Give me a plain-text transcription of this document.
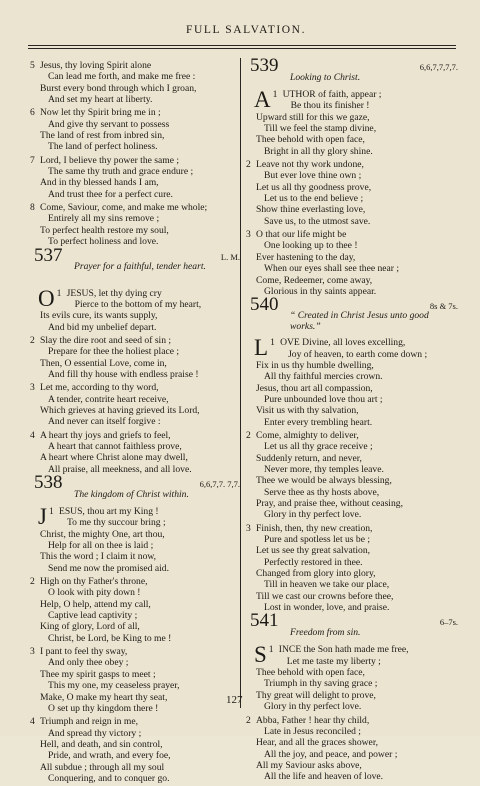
FULL SALVATION.
5 Jesus, thy loving Spirit alone
Can lead me forth, and make me free :
Burst every bond through which I groan,
And set my heart at liberty.
6 Now let thy Spirit bring me in ;
And give thy servant to possess
The land of rest from inbred sin,
The land of perfect holiness.
7 Lord, I believe thy power the same ;
The same thy truth and grace endure ;
And in thy blessed hands I am,
And trust thee for a perfect cure.
8 Come, Saviour, come, and make me whole;
Entirely all my sins remove ;
To perfect health restore my soul,
To perfect holiness and love.
537
Prayer for a faithful, tender heart.
L. M.
O 1 JESUS, let thy dying cry
Pierce to the bottom of my heart,
Its evils cure, its wants supply,
And bid my unbelief depart.
2 Slay the dire root and seed of sin ;
Prepare for thee the holiest place ;
Then, O essential Love, come in,
And fill thy house with endless praise !
3 Let me, according to thy word,
A tender, contrite heart receive,
Which grieves at having grieved its Lord,
And never can itself forgive :
4 A heart thy joys and griefs to feel,
A heart that cannot faithless prove,
A heart where Christ alone may dwell,
All praise, all meekness, and all love.
538
The kingdom of Christ within.
6,6,7,7. 7,7.
J 1 ESUS, thou art my King !
To me thy succour bring ;
Christ, the mighty One, art thou,
Help for all on thee is laid ;
This the word ; I claim it now,
Send me now the promised aid.
2 High on thy Father's throne,
O look with pity down !
Help, O help, attend my call,
Captive lead captivity ;
King of glory, Lord of all,
Christ, be Lord, be King to me !
3 I pant to feel thy sway,
And only thee obey ;
Thee my spirit gasps to meet ;
This my one, my ceaseless prayer,
Make, O make my heart thy seat,
O set up thy kingdom there !
4 Triumph and reign in me,
And spread thy victory ;
Hell, and death, and sin control,
Pride, and wrath, and every foe,
All subdue ; through all my soul
Conquering, and to conquer go.
539
Looking to Christ.
6,6,7,7,7,7.
A 1 UTHOR of faith, appear ;
Be thou its finisher !
Upward still for this we gaze,
Till we feel the stamp divine,
Thee behold with open face,
Bright in all thy glory shine.
2 Leave not thy work undone,
But ever love thine own ;
Let us all thy goodness prove,
Let us to the end believe ;
Show thine everlasting love,
Save us, to the utmost save.
3 O that our life might be
One looking up to thee !
Ever hastening to the day,
When our eyes shall see thee near ;
Come, Redeemer, come away,
Glorious in thy saints appear.
540
“ Created in Christ Jesus unto good works.”
8s & 7s.
L 1 OVE Divine, all loves excelling,
Joy of heaven, to earth come down ;
Fix in us thy humble dwelling,
All thy faithful mercies crown.
Jesus, thou art all compassion,
Pure unbounded love thou art ;
Visit us with thy salvation,
Enter every trembling heart.
2 Come, almighty to deliver,
Let us all thy grace receive ;
Suddenly return, and never,
Never more, thy temples leave.
Thee we would be always blessing,
Serve thee as thy hosts above,
Pray, and praise thee, without ceasing,
Glory in thy perfect love.
3 Finish, then, thy new creation,
Pure and spotless let us be ;
Let us see thy great salvation,
Perfectly restored in thee.
Changed from glory into glory,
Till in heaven we take our place,
Till we cast our crowns before thee,
Lost in wonder, love, and praise.
541
Freedom from sin.
6–7s.
S 1 INCE the Son hath made me free,
Let me taste my liberty ;
Thee behold with open face,
Triumph in thy saving grace ;
Thy great will delight to prove,
Glory in thy perfect love.
2 Abba, Father ! hear thy child,
Late in Jesus reconciled ;
Hear, and all the graces shower,
All the joy, and peace, and power ;
All my Saviour asks above,
All the life and heaven of love.
127
